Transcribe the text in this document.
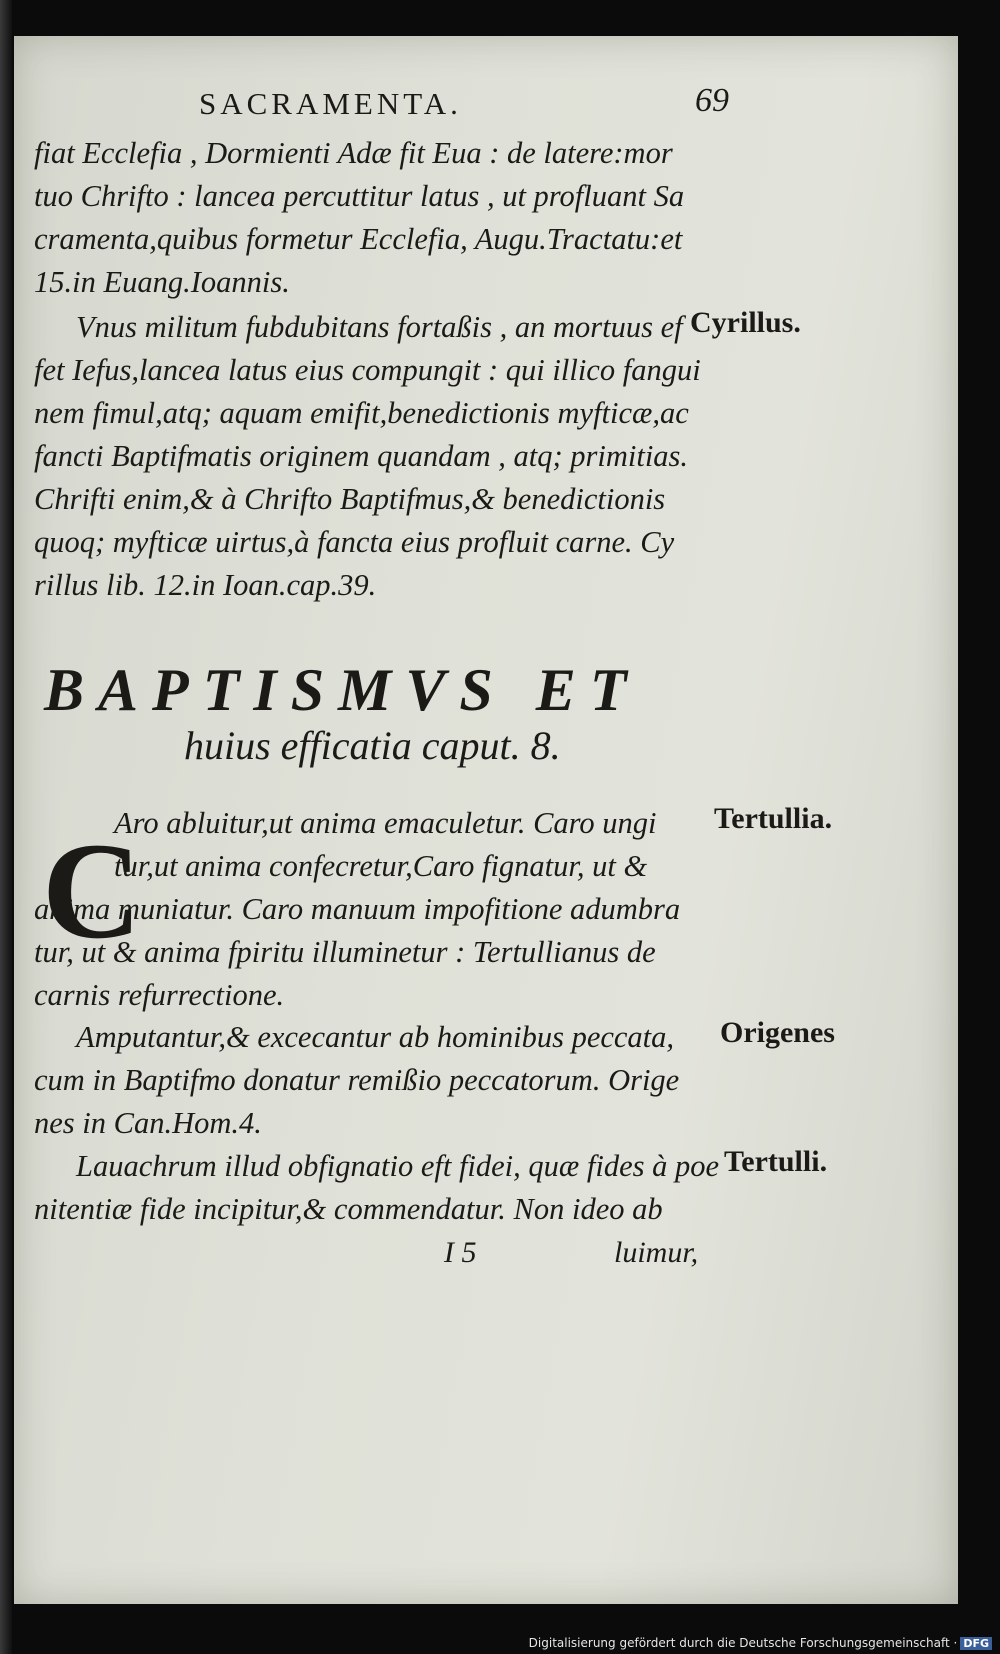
SACRAMENTA.	69
fiat Ecclefia , Dormienti Adæ fit Eua : de latere:mor
tuo Chrifto : lancea percuttitur latus , ut profluant Sa
cramenta,quibus formetur Ecclefia, Augu.Tractatu:et
15.in Euang.Ioannis.
Vnus militum fubdubitans fortaßis , an mortuus ef
fet Iefus,lancea latus eius compungit : qui illico fangui
nem fimul,atq; aquam emifit,benedictionis myfticæ,ac
fancti Baptifmatis originem quandam , atq; primitias.
Chrifti enim,& à Chrifto Baptifmus,& benedictionis
quoq; myfticæ uirtus,à fancta eius profluit carne. Cy
rillus lib. 12.in Ioan.cap.39.
Cyrillus.
BAPTISMVS ET
huius efficatia caput. 8.
C
Aro abluitur,ut anima emaculetur. Caro ungi
tur,ut anima confecretur,Caro fignatur, ut &
anima muniatur. Caro manuum impofitione adumbra
tur, ut & anima fpiritu illuminetur : Tertullianus de
carnis refurrectione.
Tertullia.
Amputantur,& excecantur ab hominibus peccata,
cum in Baptifmo donatur remißio peccatorum. Orige
nes in Can.Hom.4.
Origenes
Lauachrum illud obfignatio eft fidei, quæ fides à poe
nitentiæ fide incipitur,& commendatur. Non ideo ab
Tertulli.
I 5	luimur,
Digitalisierung gefördert durch die Deutsche Forschungsgemeinschaft · DFG
